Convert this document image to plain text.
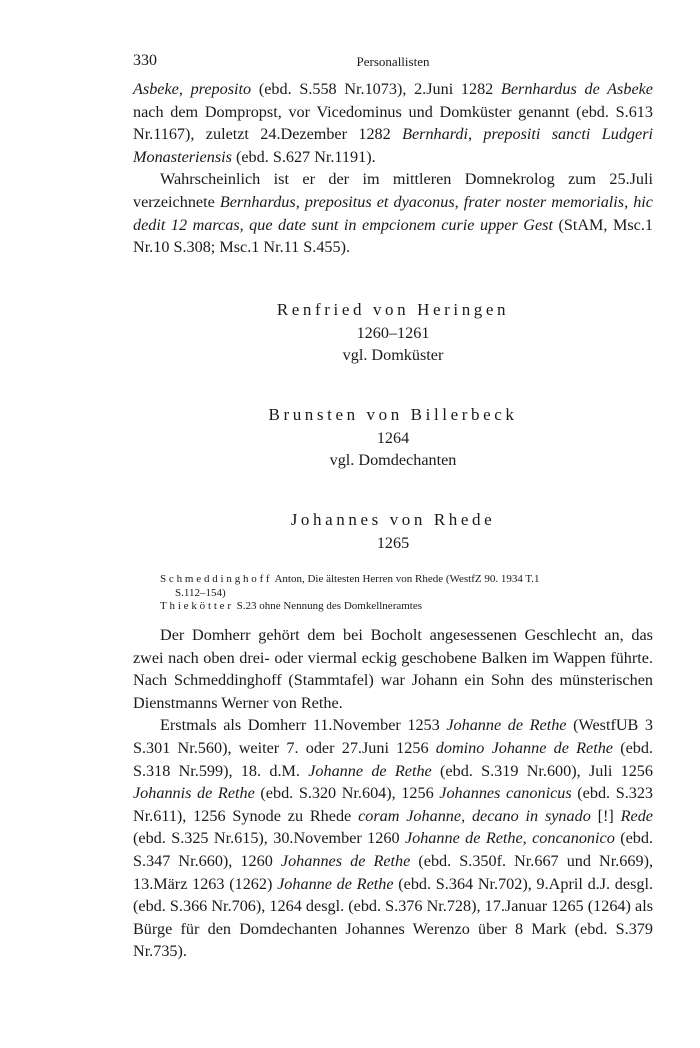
330	Personallisten

Asbeke, preposito (ebd. S.558 Nr.1073), 2.Juni 1282 Bernhardus de Asbeke nach dem Dompropst, vor Vicedominus und Domküster genannt (ebd. S.613 Nr.1167), zuletzt 24.Dezember 1282 Bernhardi, prepositi sancti Ludgeri Monasteriensis (ebd. S.627 Nr.1191).

Wahrscheinlich ist er der im mittleren Domnekrolog zum 25.Juli verzeichnete Bernhardus, prepositus et dyaconus, frater noster memorialis, hic dedit 12 marcas, que date sunt in empcionem curie upper Gest (StAM, Msc.1 Nr.10 S.308; Msc.1 Nr.11 S.455).

Renfried von Heringen
1260–1261
vgl. Domküster
Brunsten von Billerbeck
1264
vgl. Domdechanten
Johannes von Rhede
1265

Schmeddinghoff Anton, Die ältesten Herren von Rhede (WestfZ 90. 1934 T.1

S.112–154)

Thiekötter S.23 ohne Nennung des Domkellneramtes

Der Domherr gehört dem bei Bocholt angesessenen Geschlecht an, das zwei nach oben drei- oder viermal eckig geschobene Balken im Wappen führte. Nach Schmeddinghoff (Stammtafel) war Johann ein Sohn des münsterischen Dienstmanns Werner von Rethe.

Erstmals als Domherr 11.November 1253 Johanne de Rethe (WestfUB 3 S.301 Nr.560), weiter 7. oder 27.Juni 1256 domino Johanne de Rethe (ebd. S.318 Nr.599), 18. d.M. Johanne de Rethe (ebd. S.319 Nr.600), Juli 1256 Johannis de Rethe (ebd. S.320 Nr.604), 1256 Johannes canonicus (ebd. S.323 Nr.611), 1256 Synode zu Rhede coram Johanne, decano in synado [!] Rede (ebd. S.325 Nr.615), 30.November 1260 Johanne de Rethe, concanonico (ebd. S.347 Nr.660), 1260 Johannes de Rethe (ebd. S.350f. Nr.667 und Nr.669), 13.März 1263 (1262) Johanne de Rethe (ebd. S.364 Nr.702), 9.April d.J. desgl. (ebd. S.366 Nr.706), 1264 desgl. (ebd. S.376 Nr.728), 17.Januar 1265 (1264) als Bürge für den Domdechanten Johannes Werenzo über 8 Mark (ebd. S.379 Nr.735).
